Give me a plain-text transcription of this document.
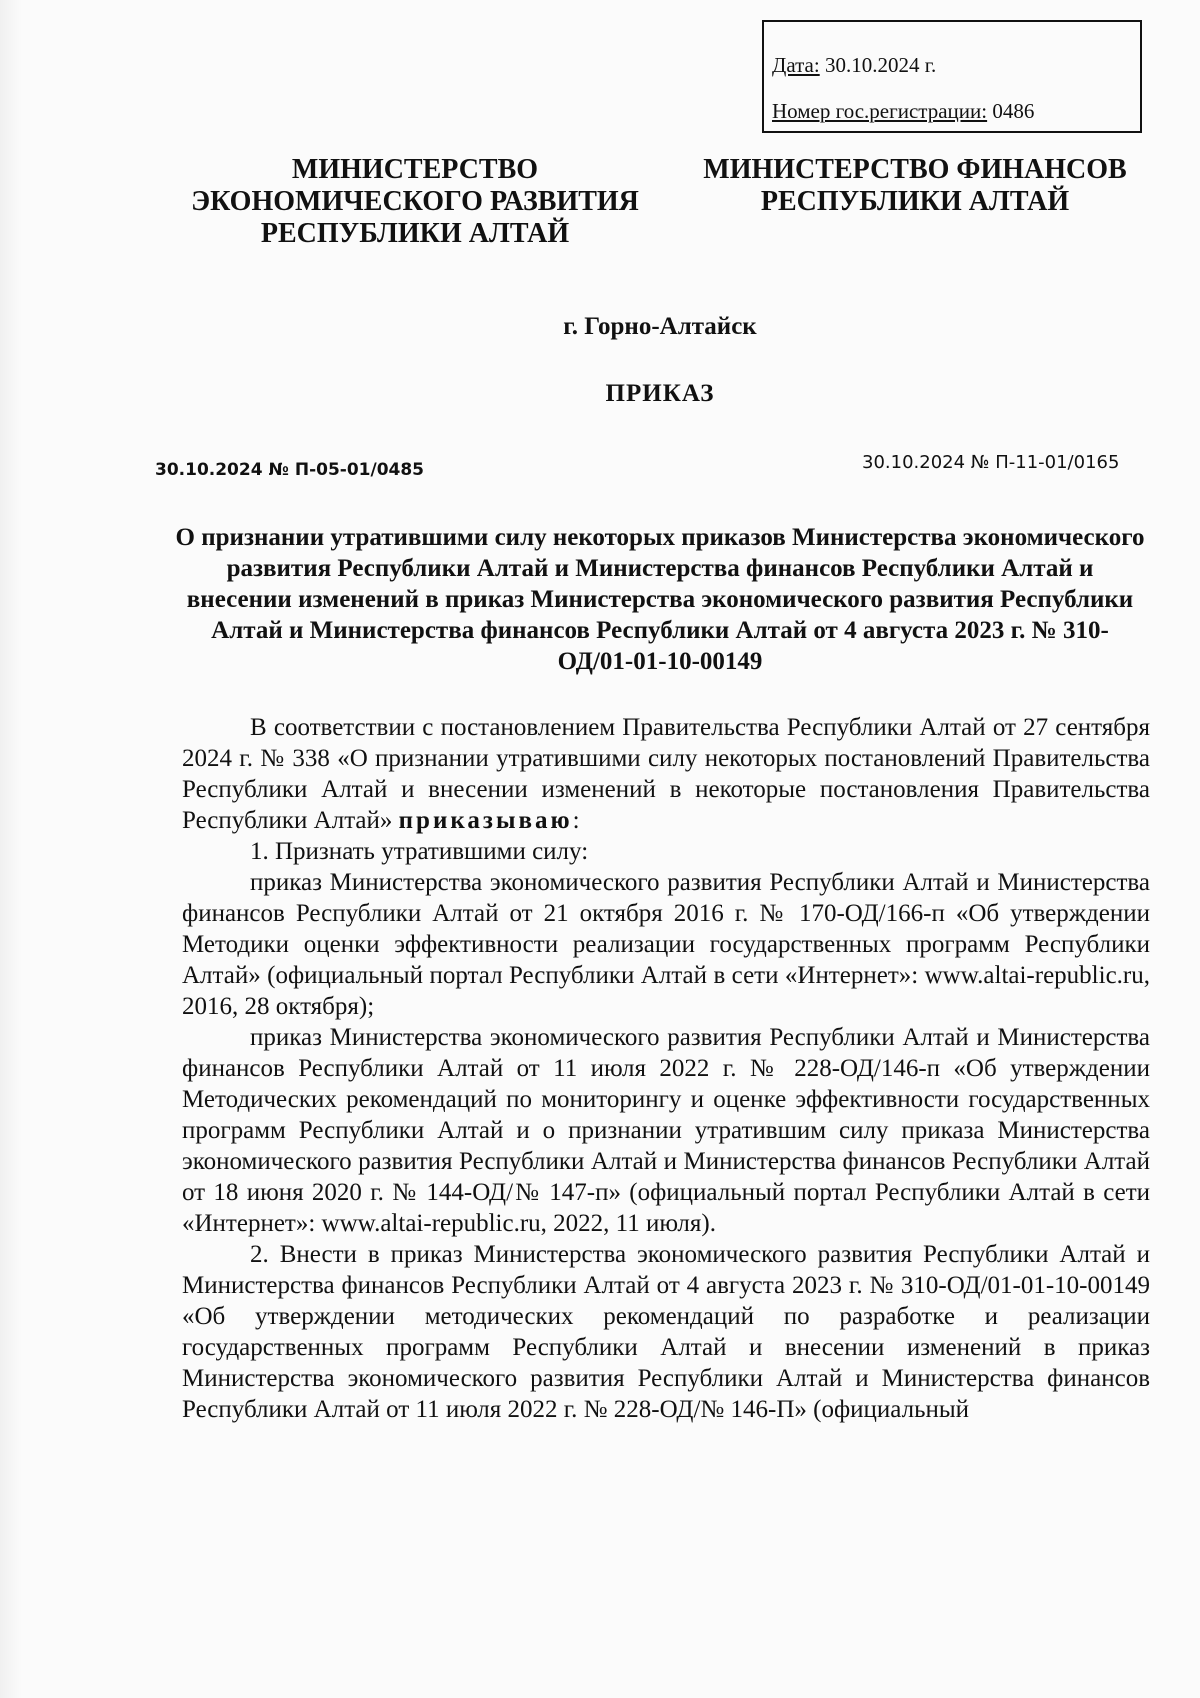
Дата: 30.10.2024 г.
Номер гос.регистрации: 0486
МИНИСТЕРСТВО ЭКОНОМИЧЕСКОГО РАЗВИТИЯ РЕСПУБЛИКИ АЛТАЙ
МИНИСТЕРСТВО ФИНАНСОВ РЕСПУБЛИКИ АЛТАЙ
г. Горно-Алтайск
ПРИКАЗ
30.10.2024 № П-05-01/0485	30.10.2024 № П-11-01/0165
О признании утратившими силу некоторых приказов Министерства экономического развития Республики Алтай и Министерства финансов Республики Алтай и внесении изменений в приказ Министерства экономического развития Республики Алтай и Министерства финансов Республики Алтай от 4 августа 2023 г. № 310-ОД/01-01-10-00149

В соответствии с постановлением Правительства Республики Алтай от 27 сентября 2024 г. № 338 «О признании утратившими силу некоторых постановлений Правительства Республики Алтай и внесении изменений в некоторые постановления Правительства Республики Алтай» приказываю:

1. Признать утратившими силу:

приказ Министерства экономического развития Республики Алтай и Министерства финансов Республики Алтай от 21 октября 2016 г. № 170-ОД/166-п «Об утверждении Методики оценки эффективности реализации государственных программ Республики Алтай» (официальный портал Республики Алтай в сети «Интернет»: www.altai-republic.ru, 2016, 28 октября);

приказ Министерства экономического развития Республики Алтай и Министерства финансов Республики Алтай от 11 июля 2022 г. № 228-ОД/146-п «Об утверждении Методических рекомендаций по мониторингу и оценке эффективности государственных программ Республики Алтай и о признании утратившим силу приказа Министерства экономического развития Республики Алтай и Министерства финансов Республики Алтай от 18 июня 2020 г. № 144-ОД/№ 147-п» (официальный портал Республики Алтай в сети «Интернет»: www.altai-republic.ru, 2022, 11 июля).

2. Внести в приказ Министерства экономического развития Республики Алтай и Министерства финансов Республики Алтай от 4 августа 2023 г. № 310-ОД/01-01-10-00149 «Об утверждении методических рекомендаций по разработке и реализации государственных программ Республики Алтай и внесении изменений в приказ Министерства экономического развития Республики Алтай и Министерства финансов Республики Алтай от 11 июля 2022 г. № 228-ОД/№ 146-П» (официальный
